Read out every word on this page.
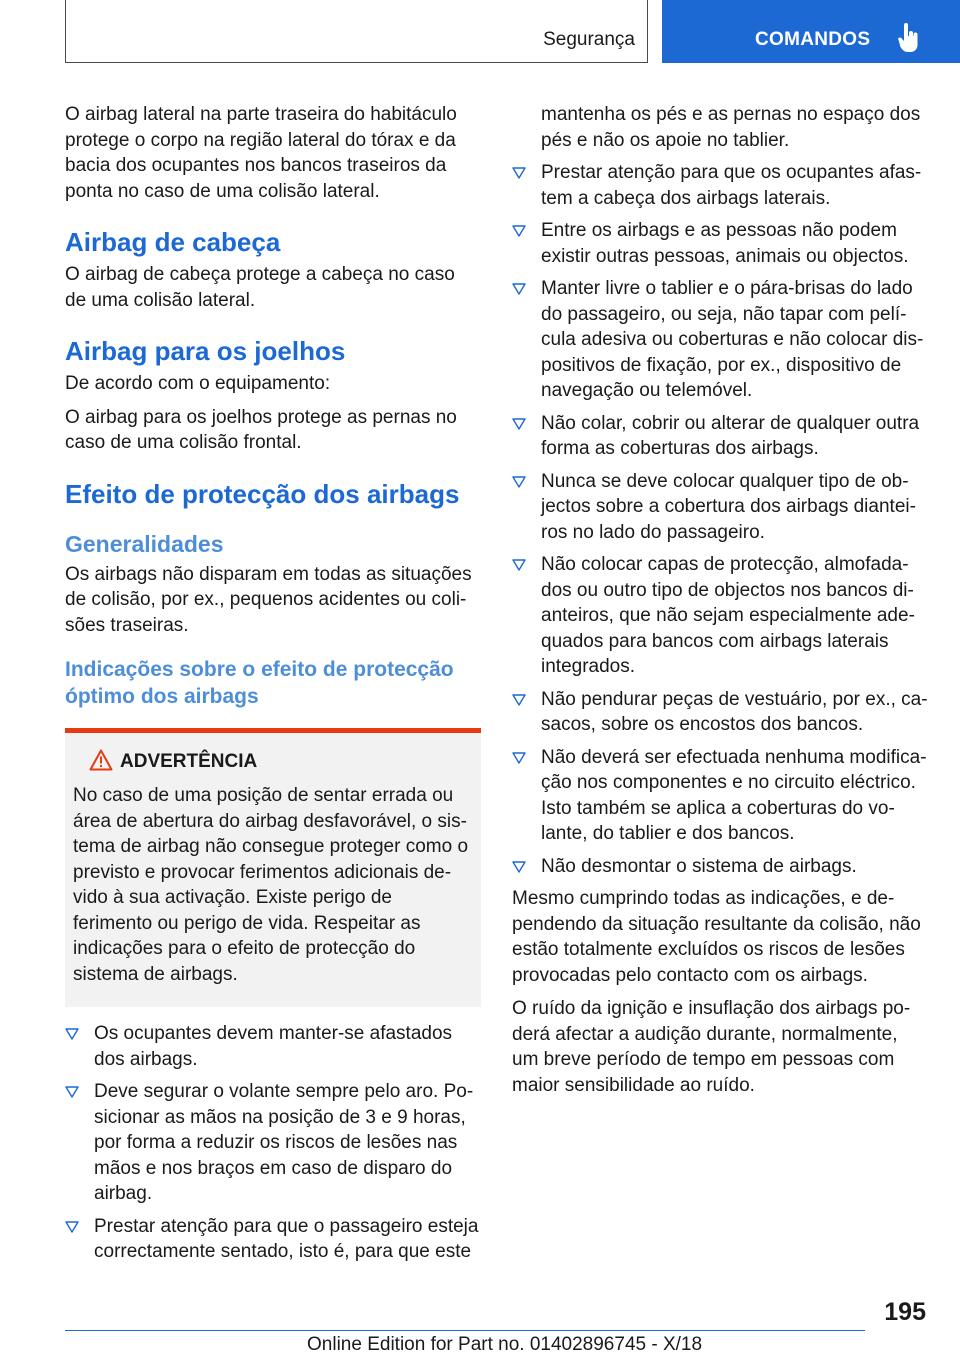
Segurança	COMANDOS

O airbag lateral na parte traseira do habitáculo protege o corpo na região lateral do tórax e da bacia dos ocupantes nos bancos traseiros da ponta no caso de uma colisão lateral.

Airbag de cabeça

O airbag de cabeça protege a cabeça no caso de uma colisão lateral.

Airbag para os joelhos

De acordo com o equipamento:

O airbag para os joelhos protege as pernas no caso de uma colisão frontal.

Efeito de protecção dos airbags
Generalidades

Os airbags não disparam em todas as situações de colisão, por ex., pequenos acidentes ou colisões traseiras.

Indicações sobre o efeito de protecção óptimo dos airbags
ADVERTÊNCIA

No caso de uma posição de sentar errada ou área de abertura do airbag desfavorável, o sistema de airbag não consegue proteger como o previsto e provocar ferimentos adicionais devido à sua activação. Existe perigo de ferimento ou perigo de vida. Respeitar as indicações para o efeito de protecção do sistema de airbags.

Os ocupantes devem manter-se afastados dos airbags.
Deve segurar o volante sempre pelo aro. Posicionar as mãos na posição de 3 e 9 horas, por forma a reduzir os riscos de lesões nas mãos e nos braços em caso de disparo do airbag.
Prestar atenção para que o passageiro esteja correctamente sentado, isto é, para que este

mantenha os pés e as pernas no espaço dos pés e não os apoie no tablier.

Prestar atenção para que os ocupantes afastem a cabeça dos airbags laterais.
Entre os airbags e as pessoas não podem existir outras pessoas, animais ou objectos.
Manter livre o tablier e o pára-brisas do lado do passageiro, ou seja, não tapar com película adesiva ou coberturas e não colocar dispositivos de fixação, por ex., dispositivo de navegação ou telemóvel.
Não colar, cobrir ou alterar de qualquer outra forma as coberturas dos airbags.
Nunca se deve colocar qualquer tipo de objectos sobre a cobertura dos airbags dianteiros no lado do passageiro.
Não colocar capas de protecção, almofadados ou outro tipo de objectos nos bancos dianteiros, que não sejam especialmente adequados para bancos com airbags laterais integrados.
Não pendurar peças de vestuário, por ex., casacos, sobre os encostos dos bancos.
Não deverá ser efectuada nenhuma modificação nos componentes e no circuito eléctrico. Isto também se aplica a coberturas do volante, do tablier e dos bancos.
Não desmontar o sistema de airbags.

Mesmo cumprindo todas as indicações, e dependendo da situação resultante da colisão, não estão totalmente excluídos os riscos de lesões provocadas pelo contacto com os airbags.

O ruído da ignição e insuflação dos airbags poderá afectar a audição durante, normalmente, um breve período de tempo em pessoas com maior sensibilidade ao ruído.

195
Online Edition for Part no. 01402896745 - X/18
